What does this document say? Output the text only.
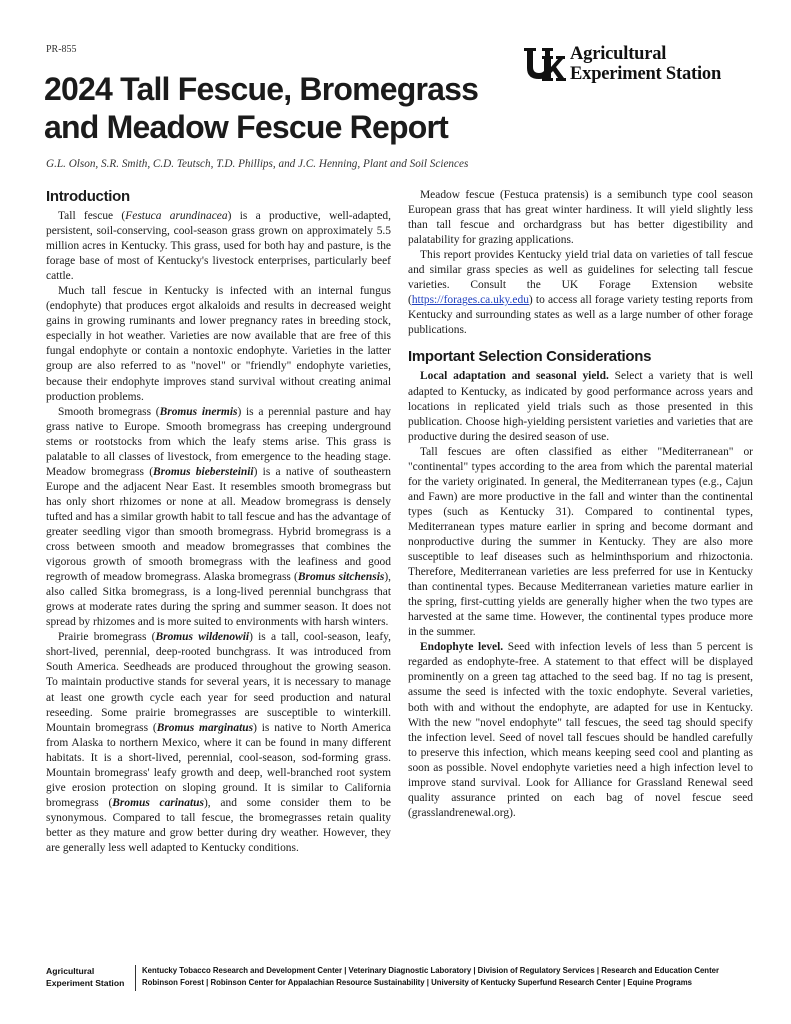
PR-855
2024 Tall Fescue, Bromegrass and Meadow Fescue Report
G.L. Olson, S.R. Smith, C.D. Teutsch, T.D. Phillips, and J.C. Henning, Plant and Soil Sciences
Agricultural
Experiment Station
Introduction

Tall fescue (Festuca arundinacea) is a productive, well-adapted, persistent, soil-conserving, cool-season grass grown on approximately 5.5 million acres in Kentucky. This grass, used for both hay and pasture, is the forage base of most of Kentucky's livestock enterprises, particularly beef cattle.

Much tall fescue in Kentucky is infected with an internal fungus (endophyte) that produces ergot alkaloids and results in decreased weight gains in growing ruminants and lower pregnancy rates in breeding stock, especially in hot weather. Varieties are now available that are free of this fungal endophyte or contain a nontoxic endophyte. Varieties in the latter group are also referred to as "novel" or "friendly" endophyte varieties, because their endophyte improves stand survival without creating animal production problems.

Smooth bromegrass (Bromus inermis) is a perennial pasture and hay grass native to Europe. Smooth bromegrass has creeping underground stems or rootstocks from which the leafy stems arise. This grass is palatable to all classes of livestock, from emergence to the heading stage. Meadow bromegrass (Bromus biebersteinii) is a native of southeastern Europe and the adjacent Near East. It resembles smooth bromegrass but has only short rhizomes or none at all. Meadow bromegrass is densely tufted and has a similar growth habit to tall fescue and has the advantage of greater seedling vigor than smooth bromegrass. Hybrid bromegrass is a cross between smooth and meadow bromegrasses that combines the vigorous growth of smooth bromegrass with the leafiness and good regrowth of meadow bromegrass. Alaska bromegrass (Bromus sitchensis), also called Sitka bromegrass, is a long-lived perennial bunchgrass that grows at moderate rates during the spring and summer season. It does not spread by rhizomes and is more suited to environments with harsh winters.

Prairie bromegrass (Bromus wildenowii) is a tall, cool-season, leafy, short-lived, perennial, deep-rooted bunchgrass. It was introduced from South America. Seedheads are produced throughout the growing season. To maintain productive stands for several years, it is necessary to manage at least one growth cycle each year for seed production and natural reseeding. Some prairie bromegrasses are susceptible to winterkill. Mountain bromegrass (Bromus marginatus) is native to North America from Alaska to northern Mexico, where it can be found in many different habitats. It is a short-lived, perennial, cool-season, sod-forming grass. Mountain bromegrass' leafy growth and deep, well-branched root system give erosion protection on sloping ground. It is similar to California bromegrass (Bromus carinatus), and some consider them to be synonymous. Compared to tall fescue, the bromegrasses retain quality better as they mature and grow better during dry weather. However, they are generally less well adapted to Kentucky conditions.

Meadow fescue (Festuca pratensis) is a semibunch type cool season European grass that has great winter hardiness. It will yield slightly less than tall fescue and orchardgrass but has better digestibility and palatability for grazing applications.

This report provides Kentucky yield trial data on varieties of tall fescue and similar grass species as well as guidelines for selecting tall fescue varieties. Consult the UK Forage Extension website (https://forages.ca.uky.edu) to access all forage variety testing reports from Kentucky and surrounding states as well as a large number of other forage publications.

Important Selection Considerations

Local adaptation and seasonal yield. Select a variety that is well adapted to Kentucky, as indicated by good performance across years and locations in replicated yield trials such as those presented in this publication. Choose high-yielding persistent varieties and varieties that are productive during the desired season of use.

Tall fescues are often classified as either "Mediterranean" or "continental" types according to the area from which the parental material for the variety originated. In general, the Mediterranean types (e.g., Cajun and Fawn) are more productive in the fall and winter than the continental types (such as Kentucky 31). Compared to continental types, Mediterranean types mature earlier in spring and become dormant and nonproductive during the summer in Kentucky. They are also more susceptible to leaf diseases such as helminthsporium and rhizoctonia. Therefore, Mediterranean varieties are less preferred for use in Kentucky than continental types. Because Mediterranean varieties mature earlier in the spring, first-cutting yields are generally higher when the two types are harvested at the same time. However, the continental types produce more in the summer.

Endophyte level. Seed with infection levels of less than 5 percent is regarded as endophyte-free. A statement to that effect will be displayed prominently on a green tag attached to the seed bag. If no tag is present, assume the seed is infected with the toxic endophyte. Several varieties, both with and without the endophyte, are adapted for use in Kentucky. With the new "novel endophyte" tall fescues, the seed tag should specify the infection level. Seed of novel tall fescues should be handled carefully to preserve this infection, which means keeping seed cool and planting as soon as possible. Novel endophyte varieties need a high infection level to improve stand survival. Look for Alliance for Grassland Renewal seed quality assurance printed on each bag of novel fescue seed (grasslandrenewal.org).

Agricultural
Experiment Station
Kentucky Tobacco Research and Development Center | Veterinary Diagnostic Laboratory | Division of Regulatory Services | Research and Education Center
Robinson Forest | Robinson Center for Appalachian Resource Sustainability | University of Kentucky Superfund Research Center | Equine Programs
